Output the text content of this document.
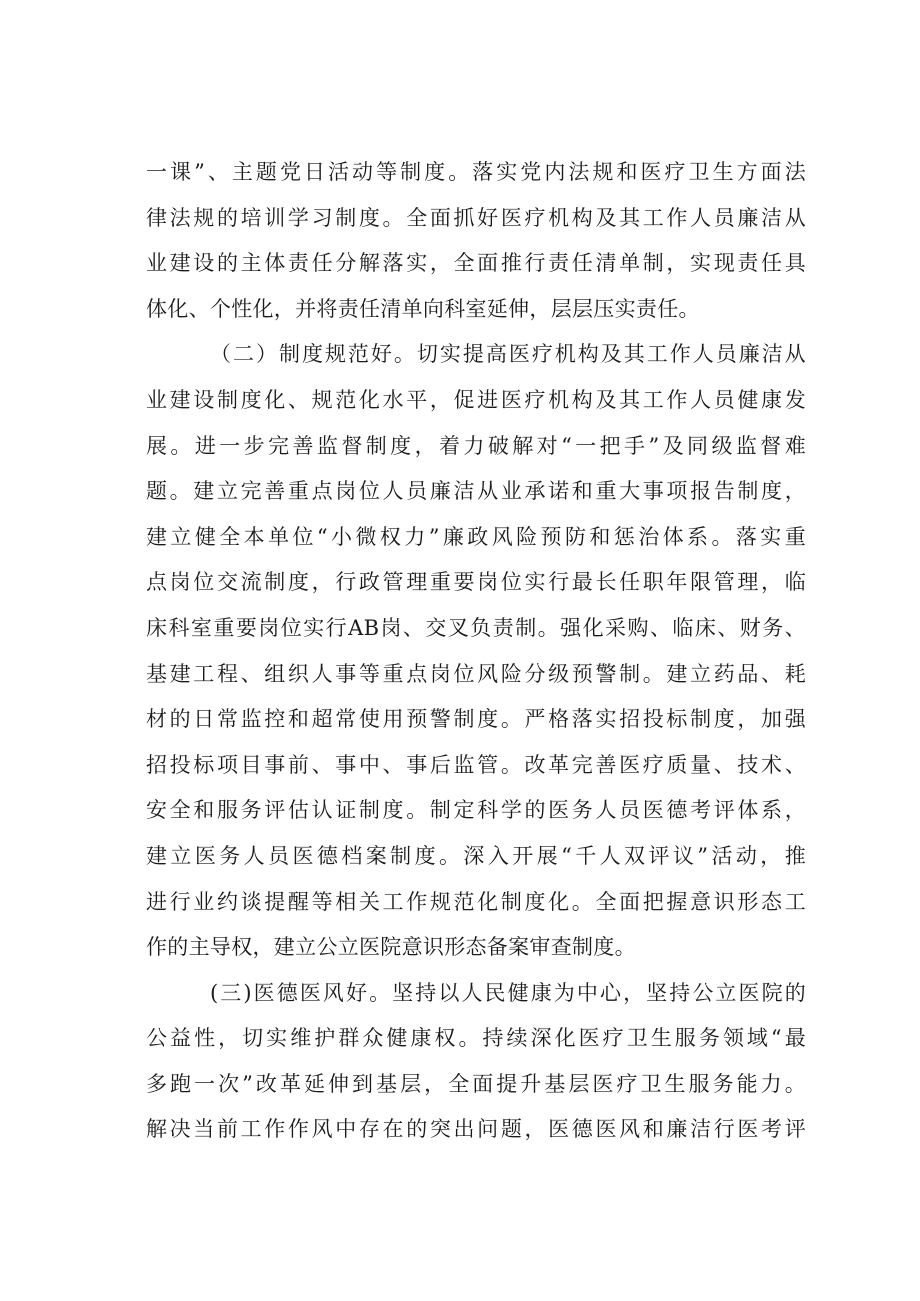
一课”、主题党日活动等制度。落实党内法规和医疗卫生方面法
律法规的培训学习制度。全面抓好医疗机构及其工作人员廉洁从
业建设的主体责任分解落实，全面推行责任清单制，实现责任具
体化、个性化，并将责任清单向科室延伸，层层压实责任。
（二）制度规范好。切实提高医疗机构及其工作人员廉洁从
业建设制度化、规范化水平，促进医疗机构及其工作人员健康发
展。进一步完善监督制度，着力破解对“一把手”及同级监督难
题。建立完善重点岗位人员廉洁从业承诺和重大事项报告制度，
建立健全本单位“小微权力”廉政风险预防和惩治体系。落实重
点岗位交流制度，行政管理重要岗位实行最长任职年限管理，临
床科室重要岗位实行AB岗、交叉负责制。强化采购、临床、财务、
基建工程、组织人事等重点岗位风险分级预警制。建立药品、耗
材的日常监控和超常使用预警制度。严格落实招投标制度，加强
招投标项目事前、事中、事后监管。改革完善医疗质量、技术、
安全和服务评估认证制度。制定科学的医务人员医德考评体系，
建立医务人员医德档案制度。深入开展“千人双评议”活动，推
进行业约谈提醒等相关工作规范化制度化。全面把握意识形态工
作的主导权，建立公立医院意识形态备案审查制度。
(三)医德医风好。坚持以人民健康为中心，坚持公立医院的
公益性，切实维护群众健康权。持续深化医疗卫生服务领域“最
多跑一次”改革延伸到基层，全面提升基层医疗卫生服务能力。
解决当前工作作风中存在的突出问题，医德医风和廉洁行医考评
